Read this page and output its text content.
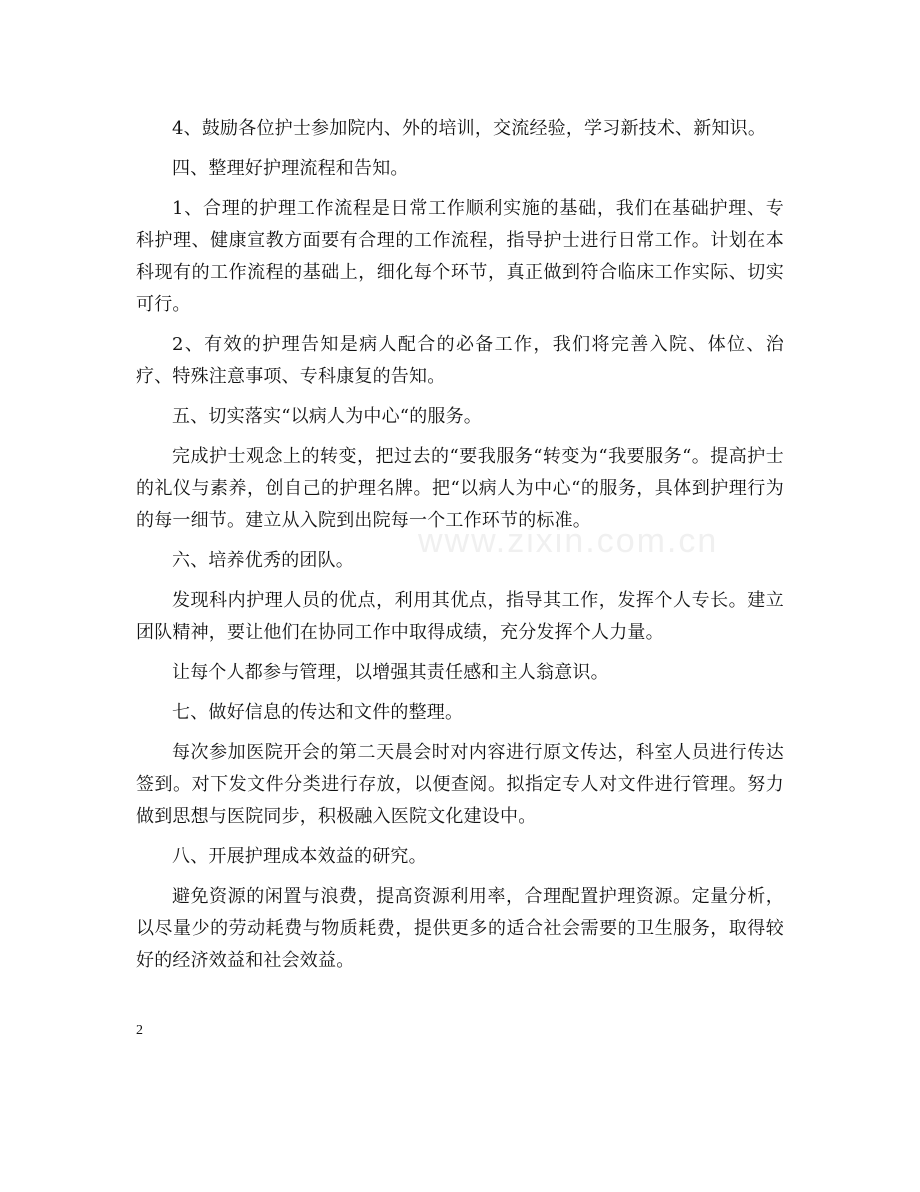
www.zixin.com.cn

4、鼓励各位护士参加院内、外的培训，交流经验，学习新技术、新知识。

四、整理好护理流程和告知。

1、合理的护理工作流程是日常工作顺利实施的基础，我们在基础护理、专科护理、健康宣教方面要有合理的工作流程，指导护士进行日常工作。计划在本科现有的工作流程的基础上，细化每个环节，真正做到符合临床工作实际、切实可行。

2、有效的护理告知是病人配合的必备工作，我们将完善入院、体位、治疗、特殊注意事项、专科康复的告知。

五、切实落实“以病人为中心“的服务。

完成护士观念上的转变，把过去的“要我服务“转变为“我要服务“。提高护士的礼仪与素养，创自己的护理名牌。把“以病人为中心“的服务，具体到护理行为的每一细节。建立从入院到出院每一个工作环节的标准。

六、培养优秀的团队。

发现科内护理人员的优点，利用其优点，指导其工作，发挥个人专长。建立团队精神，要让他们在协同工作中取得成绩，充分发挥个人力量。

让每个人都参与管理，以增强其责任感和主人翁意识。

七、做好信息的传达和文件的整理。

每次参加医院开会的第二天晨会时对内容进行原文传达，科室人员进行传达签到。对下发文件分类进行存放，以便查阅。拟指定专人对文件进行管理。努力做到思想与医院同步，积极融入医院文化建设中。

八、开展护理成本效益的研究。

避免资源的闲置与浪费，提高资源利用率，合理配置护理资源。定量分析，以尽量少的劳动耗费与物质耗费，提供更多的适合社会需要的卫生服务，取得较好的经济效益和社会效益。

2
